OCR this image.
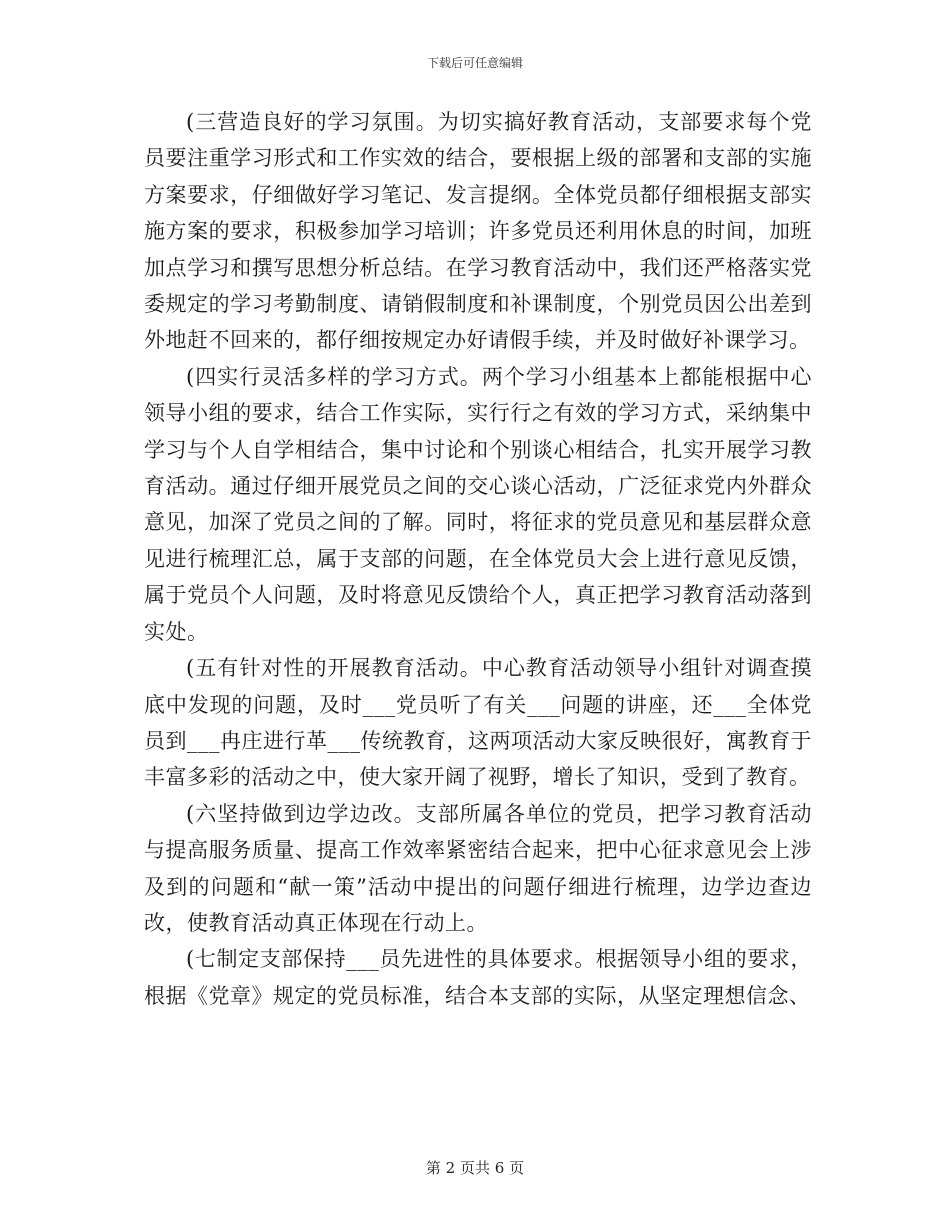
下载后可任意编辑

(三营造良好的学习氛围。为切实搞好教育活动，支部要求每个党员要注重学习形式和工作实效的结合，要根据上级的部署和支部的实施方案要求，仔细做好学习笔记、发言提纲。全体党员都仔细根据支部实施方案的要求，积极参加学习培训；许多党员还利用休息的时间，加班加点学习和撰写思想分析总结。在学习教育活动中，我们还严格落实党委规定的学习考勤制度、请销假制度和补课制度，个别党员因公出差到外地赶不回来的，都仔细按规定办好请假手续，并及时做好补课学习。

(四实行灵活多样的学习方式。两个学习小组基本上都能根据中心领导小组的要求，结合工作实际，实行行之有效的学习方式，采纳集中学习与个人自学相结合，集中讨论和个别谈心相结合，扎实开展学习教育活动。通过仔细开展党员之间的交心谈心活动，广泛征求党内外群众意见，加深了党员之间的了解。同时，将征求的党员意见和基层群众意见进行梳理汇总，属于支部的问题，在全体党员大会上进行意见反馈，属于党员个人问题，及时将意见反馈给个人，真正把学习教育活动落到实处。

(五有针对性的开展教育活动。中心教育活动领导小组针对调查摸底中发现的问题，及时___党员听了有关___问题的讲座，还___全体党员到___冉庄进行革___传统教育，这两项活动大家反映很好，寓教育于丰富多彩的活动之中，使大家开阔了视野，增长了知识，受到了教育。

(六坚持做到边学边改。支部所属各单位的党员，把学习教育活动与提高服务质量、提高工作效率紧密结合起来，把中心征求意见会上涉及到的问题和“献一策”活动中提出的问题仔细进行梳理，边学边查边改，使教育活动真正体现在行动上。

(七制定支部保持___员先进性的具体要求。根据领导小组的要求，根据《党章》规定的党员标准，结合本支部的实际，从坚定理想信念、

第 2 页共 6 页
